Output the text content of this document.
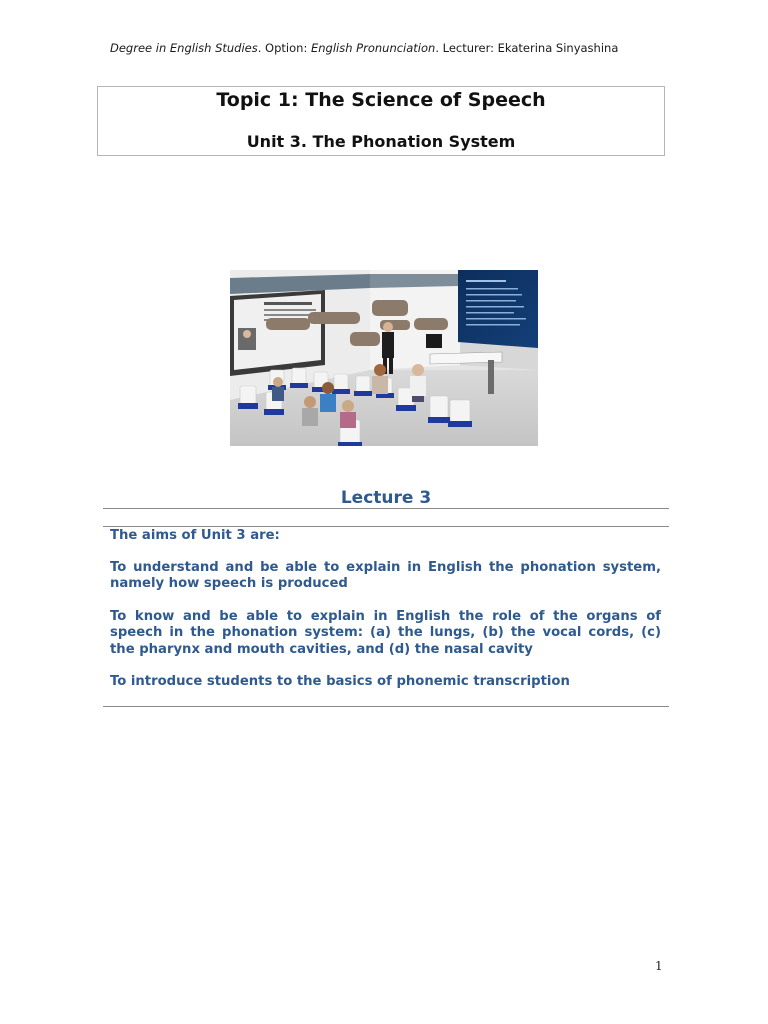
Degree in English Studies. Option: English Pronunciation. Lecturer: Ekaterina Sinyashina
Topic 1: The Science of Speech
Unit 3. The Phonation System
Lecture 3
The aims of Unit 3 are:
To understand and be able to explain in English the phonation system, namely how speech is produced
To know and be able to explain in English the role of the organs of speech in the phonation system: (a) the lungs, (b) the vocal cords, (c) the pharynx and mouth cavities, and (d) the nasal cavity
To introduce students to the basics of phonemic transcription
1
